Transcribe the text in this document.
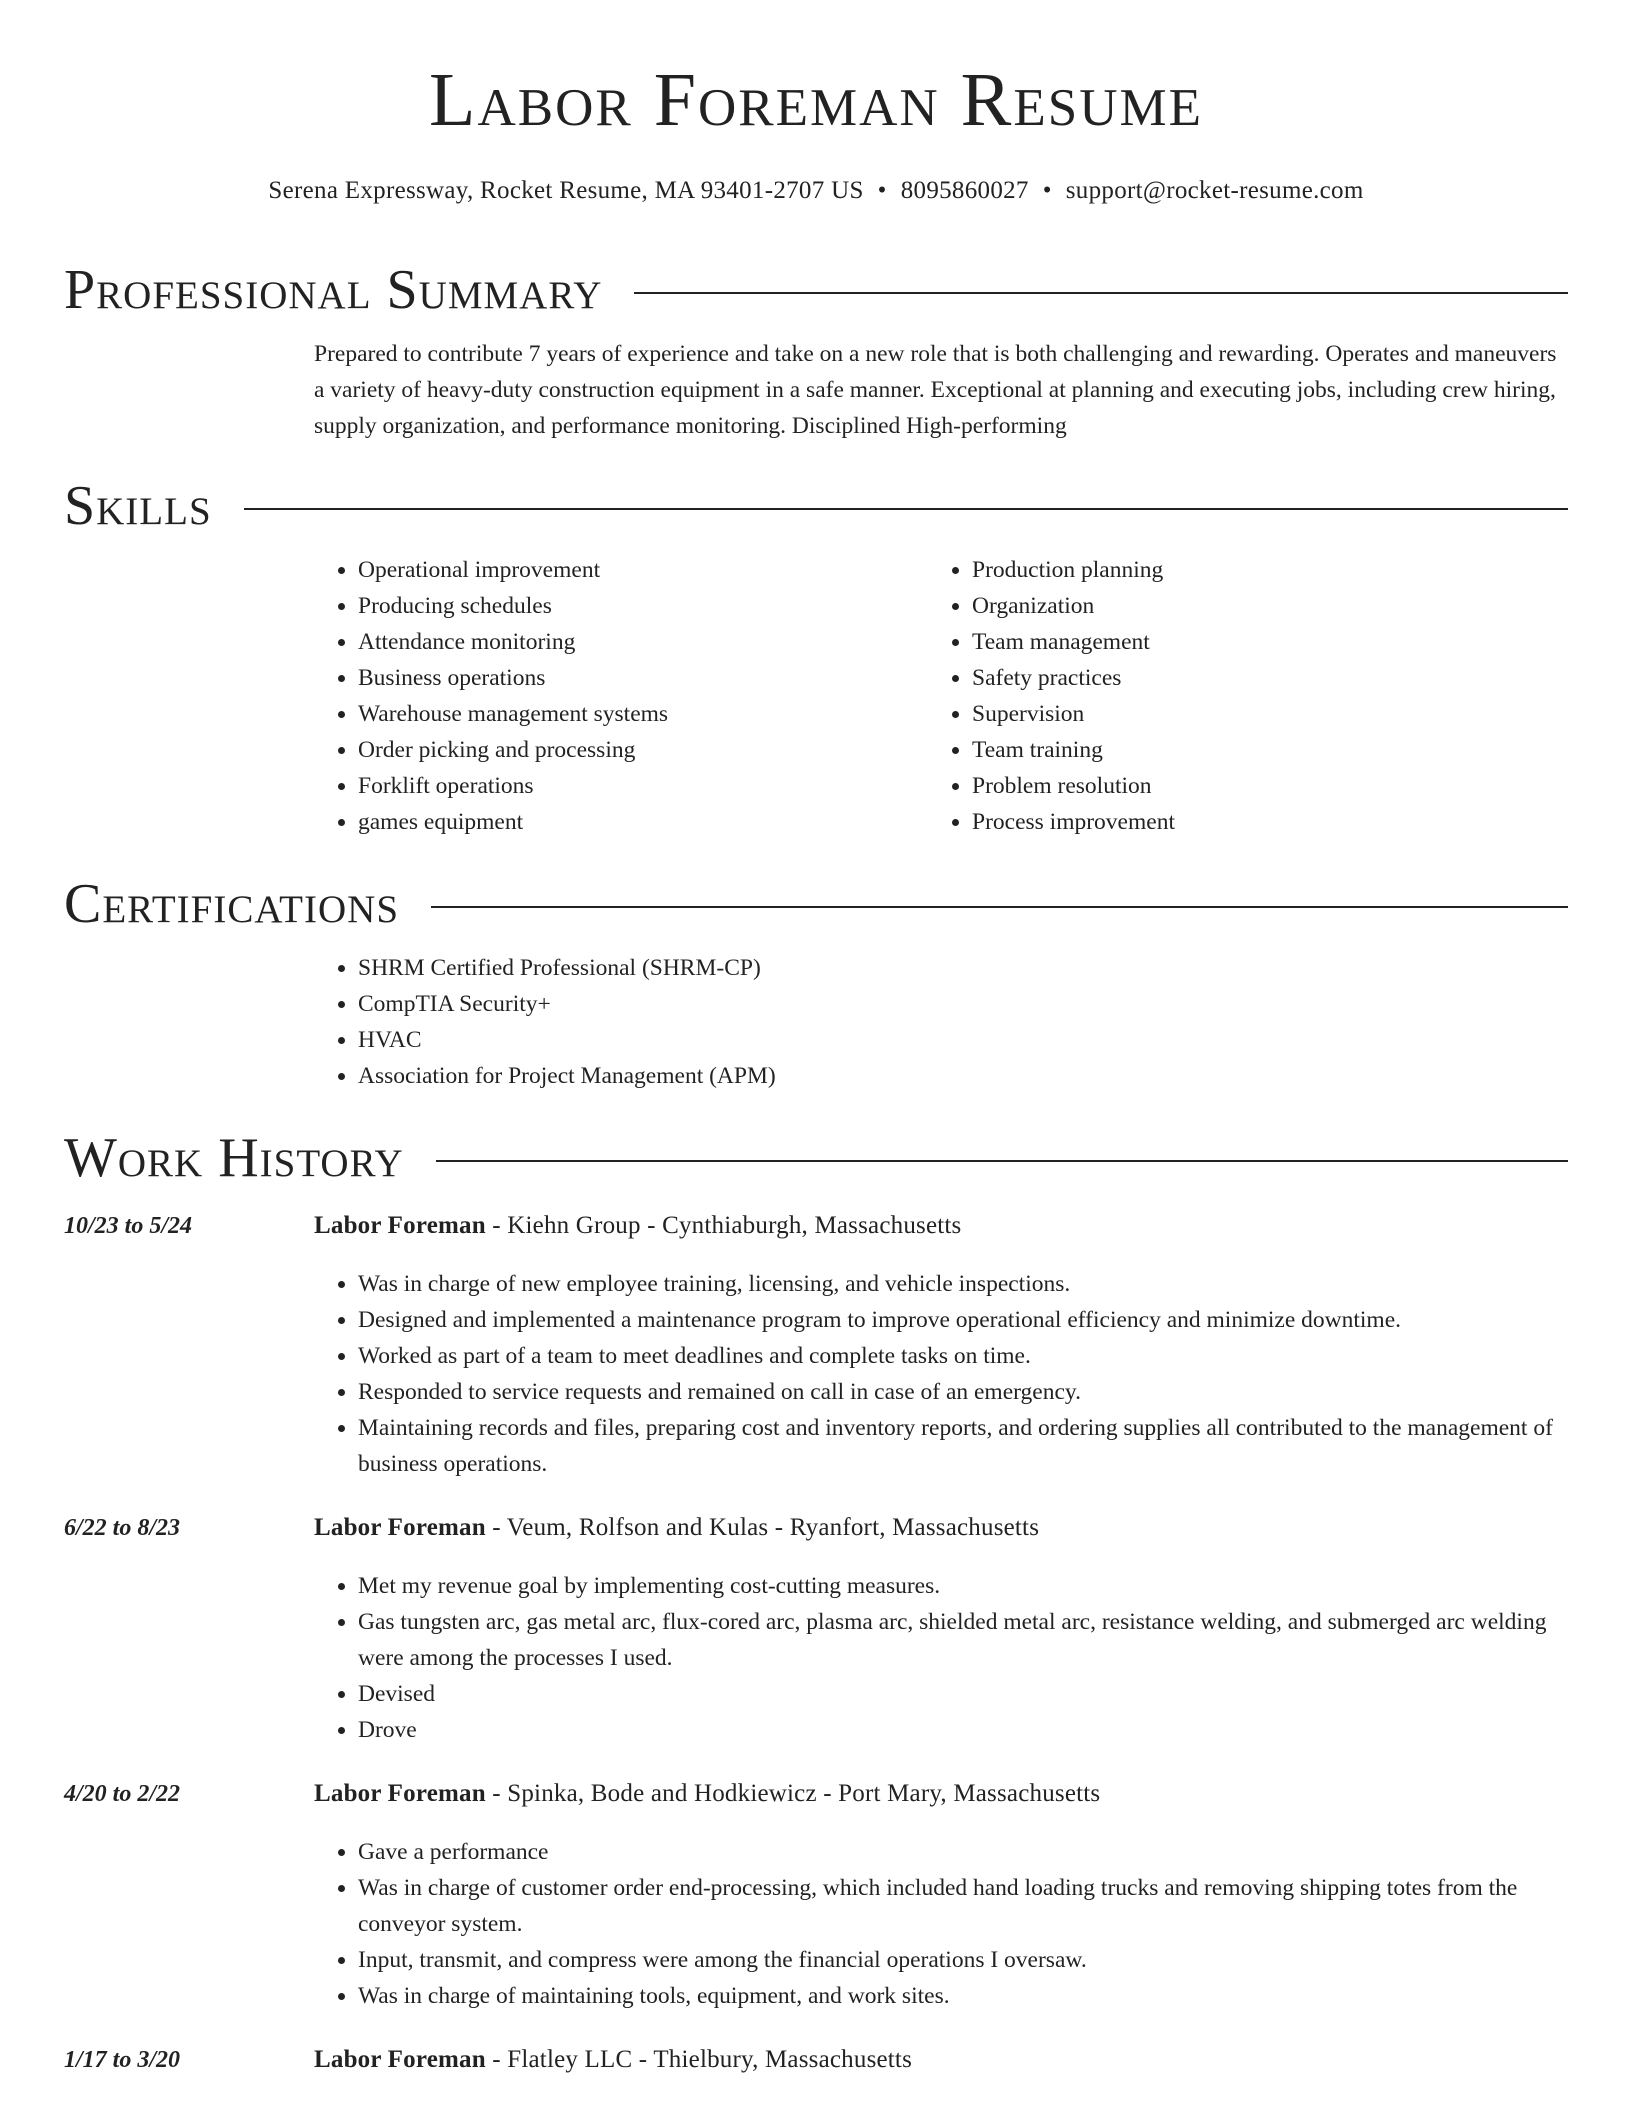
Labor Foreman Resume
Serena Expressway, Rocket Resume, MA 93401-2707 US • 8095860027 • support@rocket-resume.com
Professional Summary
Prepared to contribute 7 years of experience and take on a new role that is both challenging and rewarding. Operates and maneuvers a variety of heavy-duty construction equipment in a safe manner. Exceptional at planning and executing jobs, including crew hiring, supply organization, and performance monitoring. Disciplined High-performing
Skills
• Operational improvement
• Producing schedules
• Attendance monitoring
• Business operations
• Warehouse management systems
• Order picking and processing
• Forklift operations
• games equipment
• Production planning
• Organization
• Team management
• Safety practices
• Supervision
• Team training
• Problem resolution
• Process improvement
Certifications
• SHRM Certified Professional (SHRM-CP)
• CompTIA Security+
• HVAC
• Association for Project Management (APM)
Work History
10/23 to 5/24	Labor Foreman - Kiehn Group - Cynthiaburgh, Massachusetts
• Was in charge of new employee training, licensing, and vehicle inspections.
• Designed and implemented a maintenance program to improve operational efficiency and minimize downtime.
• Worked as part of a team to meet deadlines and complete tasks on time.
• Responded to service requests and remained on call in case of an emergency.
• Maintaining records and files, preparing cost and inventory reports, and ordering supplies all contributed to the management of business operations.
6/22 to 8/23	Labor Foreman - Veum, Rolfson and Kulas - Ryanfort, Massachusetts
• Met my revenue goal by implementing cost-cutting measures.
• Gas tungsten arc, gas metal arc, flux-cored arc, plasma arc, shielded metal arc, resistance welding, and submerged arc welding were among the processes I used.
• Devised
• Drove
4/20 to 2/22	Labor Foreman - Spinka, Bode and Hodkiewicz - Port Mary, Massachusetts
• Gave a performance
• Was in charge of customer order end-processing, which included hand loading trucks and removing shipping totes from the conveyor system.
• Input, transmit, and compress were among the financial operations I oversaw.
• Was in charge of maintaining tools, equipment, and work sites.
1/17 to 3/20	Labor Foreman - Flatley LLC - Thielbury, Massachusetts
